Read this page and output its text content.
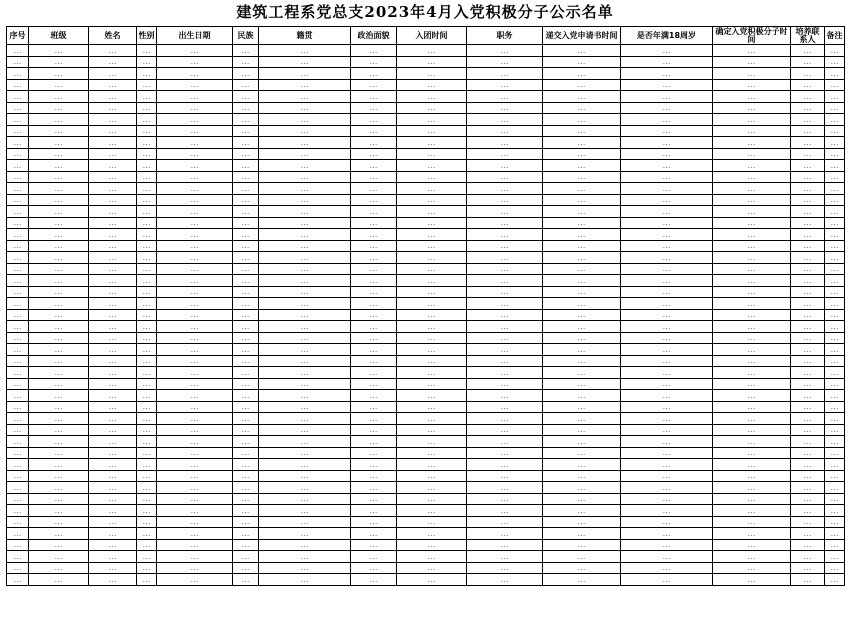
建筑工程系党总支2023年4月入党积极分子公示名单
序号	班级	姓名	性别	出生日期	民族	籍贯	政治面貌	入团时间	职务	递交入党申请书时间	是否年满18周岁	确定入党积极分子时间	培养联系人	备注
…	…	…	…	…	…	…	…	…	…	…	…	…	…	…
…	…	…	…	…	…	…	…	…	…	…	…	…	…	…
…	…	…	…	…	…	…	…	…	…	…	…	…	…	…
…	…	…	…	…	…	…	…	…	…	…	…	…	…	…
…	…	…	…	…	…	…	…	…	…	…	…	…	…	…
…	…	…	…	…	…	…	…	…	…	…	…	…	…	…
…	…	…	…	…	…	…	…	…	…	…	…	…	…	…
…	…	…	…	…	…	…	…	…	…	…	…	…	…	…
…	…	…	…	…	…	…	…	…	…	…	…	…	…	…
…	…	…	…	…	…	…	…	…	…	…	…	…	…	…
…	…	…	…	…	…	…	…	…	…	…	…	…	…	…
…	…	…	…	…	…	…	…	…	…	…	…	…	…	…
…	…	…	…	…	…	…	…	…	…	…	…	…	…	…
…	…	…	…	…	…	…	…	…	…	…	…	…	…	…
…	…	…	…	…	…	…	…	…	…	…	…	…	…	…
…	…	…	…	…	…	…	…	…	…	…	…	…	…	…
…	…	…	…	…	…	…	…	…	…	…	…	…	…	…
…	…	…	…	…	…	…	…	…	…	…	…	…	…	…
…	…	…	…	…	…	…	…	…	…	…	…	…	…	…
…	…	…	…	…	…	…	…	…	…	…	…	…	…	…
…	…	…	…	…	…	…	…	…	…	…	…	…	…	…
…	…	…	…	…	…	…	…	…	…	…	…	…	…	…
…	…	…	…	…	…	…	…	…	…	…	…	…	…	…
…	…	…	…	…	…	…	…	…	…	…	…	…	…	…
…	…	…	…	…	…	…	…	…	…	…	…	…	…	…
…	…	…	…	…	…	…	…	…	…	…	…	…	…	…
…	…	…	…	…	…	…	…	…	…	…	…	…	…	…
…	…	…	…	…	…	…	…	…	…	…	…	…	…	…
…	…	…	…	…	…	…	…	…	…	…	…	…	…	…
…	…	…	…	…	…	…	…	…	…	…	…	…	…	…
…	…	…	…	…	…	…	…	…	…	…	…	…	…	…
…	…	…	…	…	…	…	…	…	…	…	…	…	…	…
…	…	…	…	…	…	…	…	…	…	…	…	…	…	…
…	…	…	…	…	…	…	…	…	…	…	…	…	…	…
…	…	…	…	…	…	…	…	…	…	…	…	…	…	…
…	…	…	…	…	…	…	…	…	…	…	…	…	…	…
…	…	…	…	…	…	…	…	…	…	…	…	…	…	…
…	…	…	…	…	…	…	…	…	…	…	…	…	…	…
…	…	…	…	…	…	…	…	…	…	…	…	…	…	…
…	…	…	…	…	…	…	…	…	…	…	…	…	…	…
…	…	…	…	…	…	…	…	…	…	…	…	…	…	…
…	…	…	…	…	…	…	…	…	…	…	…	…	…	…
…	…	…	…	…	…	…	…	…	…	…	…	…	…	…
…	…	…	…	…	…	…	…	…	…	…	…	…	…	…
…	…	…	…	…	…	…	…	…	…	…	…	…	…	…
…	…	…	…	…	…	…	…	…	…	…	…	…	…	…
…	…	…	…	…	…	…	…	…	…	…	…	…	…	…
